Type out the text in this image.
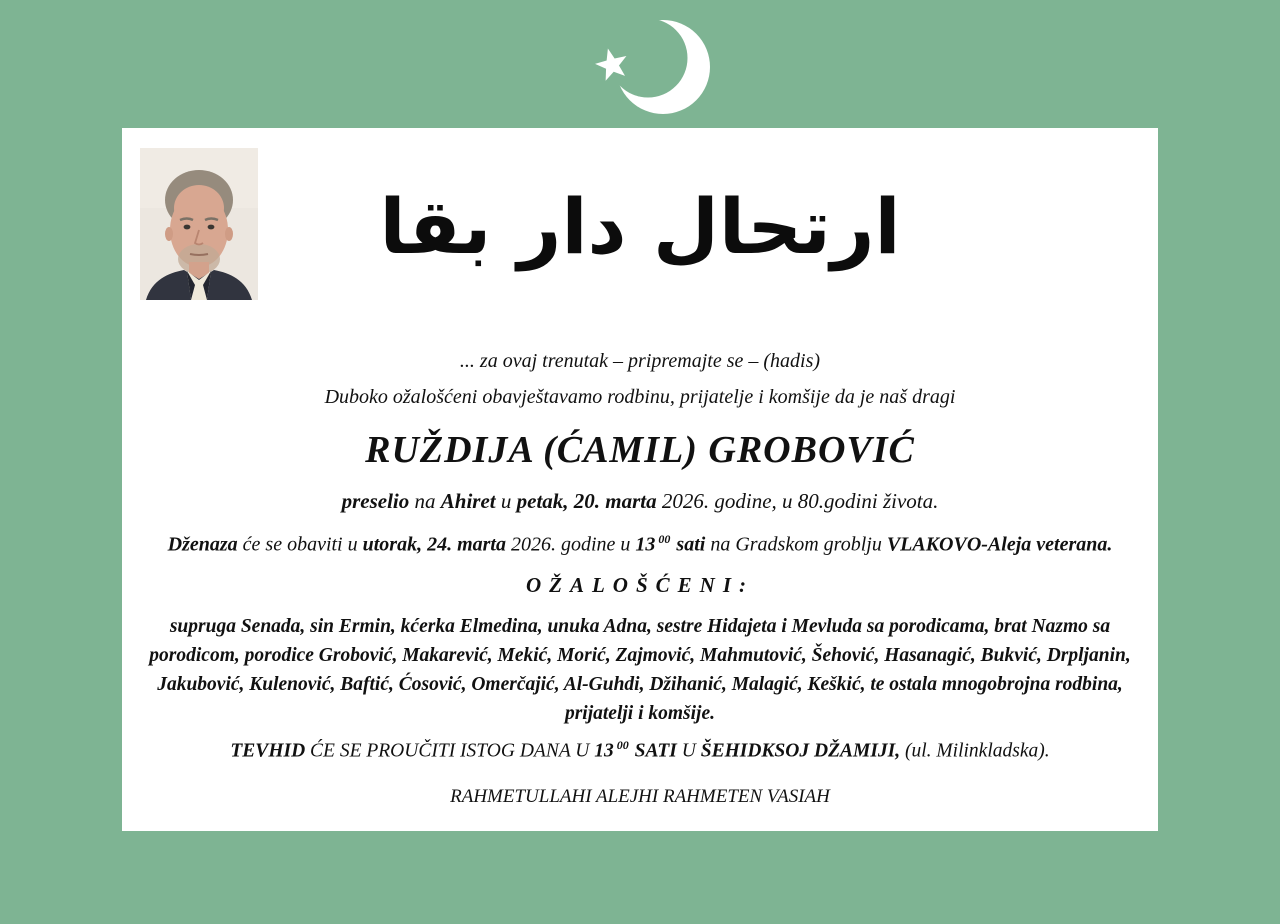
ارتحال دار بقا

... za ovaj trenutak – pripremajte se – (hadis)

Duboko ožalošćeni obavještavamo rodbinu, prijatelje i komšije da je naš dragi

RUŽDIJA (ĆAMIL) GROBOVIĆ

preselio na Ahiret u petak, 20. marta 2026. godine, u 80.godini života.

Dženaza će se obaviti u utorak, 24. marta 2026. godine u 13 $^{00}$ sati na Gradskom groblju VLAKOVO-Aleja veterana.

OŽALOŠĆENI:

supruga Senada, sin Ermin, kćerka Elmedina, unuka Adna, sestre Hidajeta i Mevluda sa porodicama, brat Nazmo sa porodicom, porodice Grobović, Makarević, Mekić, Morić, Zajmović, Mahmutović, Šehović, Hasanagić, Bukvić, Drpljanin, Jakubović, Kulenović, Baftić, Ćosović, Omerčajić, Al-Guhdi, Džihanić, Malagić, Keškić, te ostala mnogobrojna rodbina, prijatelji i komšije.

TEVHID ĆE SE PROUČITI ISTOG DANA U 13 $^{00}$ SATI U ŠEHIDKSOJ DŽAMIJI, (ul. Milinkladska).

RAHMETULLAHI ALEJHI RAHMETEN VASIAH
